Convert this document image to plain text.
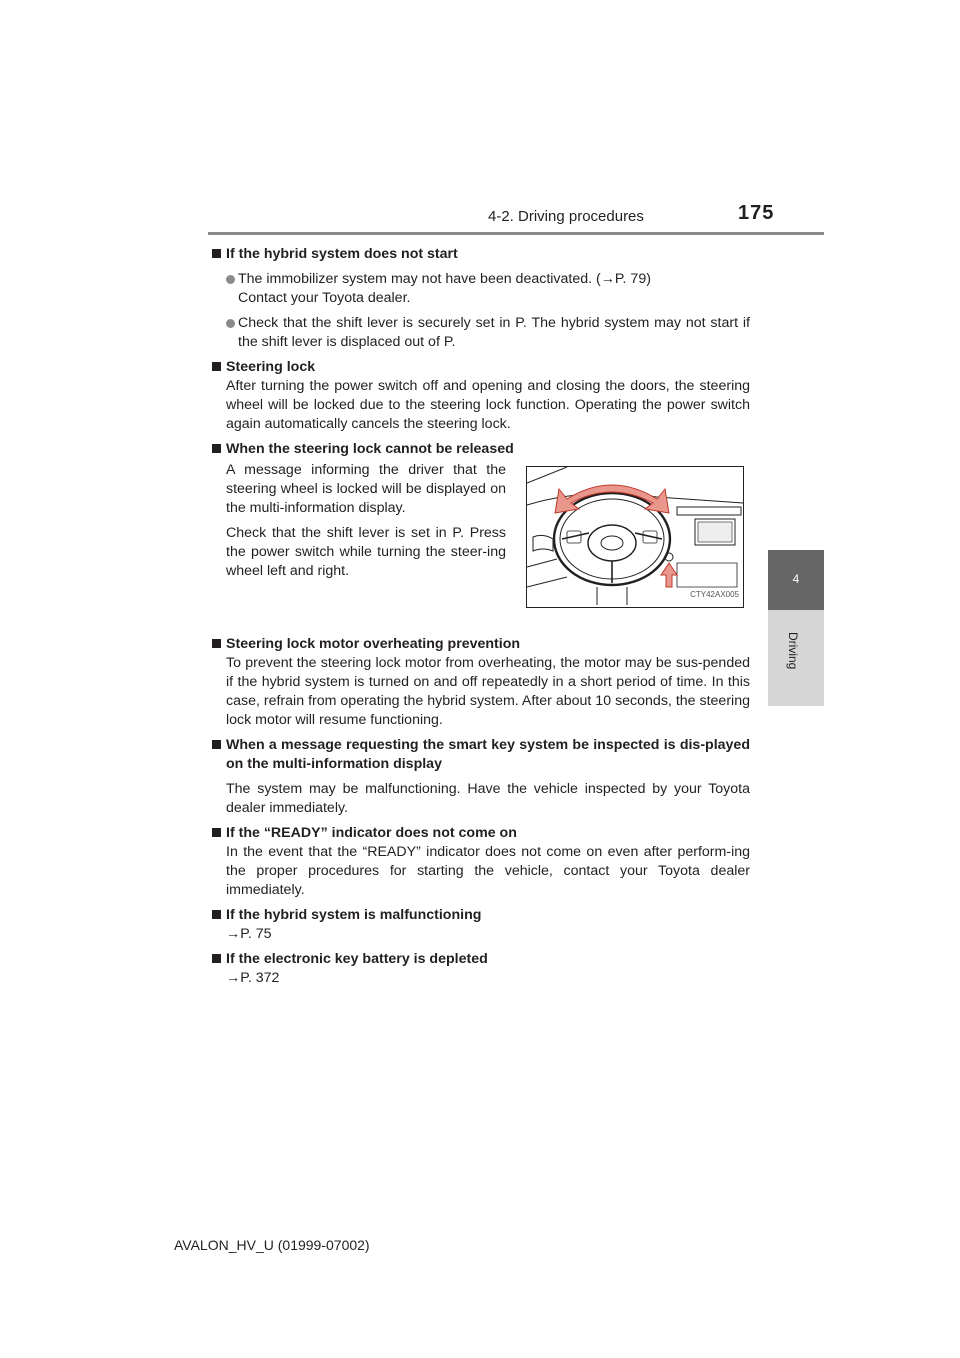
4-2. Driving procedures	175
4
Driving
If the hybrid system does not start
The immobilizer system may not have been deactivated. (→P. 79)
Contact your Toyota dealer.
Check that the shift lever is securely set in P. The hybrid system may not start if the shift lever is displaced out of P.
Steering lock
After turning the power switch off and opening and closing the doors, the steering wheel will be locked due to the steering lock function. Operating the power switch again automatically cancels the steering lock.
When the steering lock cannot be released
A message informing the driver that the steering wheel is locked will be displayed on the multi-information display.
Check that the shift lever is set in P. Press the power switch while turning the steer-ing wheel left and right.
CTY42AX005
Steering lock motor overheating prevention
To prevent the steering lock motor from overheating, the motor may be sus-pended if the hybrid system is turned on and off repeatedly in a short period of time. In this case, refrain from operating the hybrid system. After about 10 seconds, the steering lock motor will resume functioning.
When a message requesting the smart key system be inspected is dis-played on the multi-information display
The system may be malfunctioning. Have the vehicle inspected by your Toyota dealer immediately.
If the “READY” indicator does not come on
In the event that the “READY” indicator does not come on even after perform-ing the proper procedures for starting the vehicle, contact your Toyota dealer immediately.
If the hybrid system is malfunctioning
→P. 75
If the electronic key battery is depleted
→P. 372
AVALON_HV_U (01999-07002)
